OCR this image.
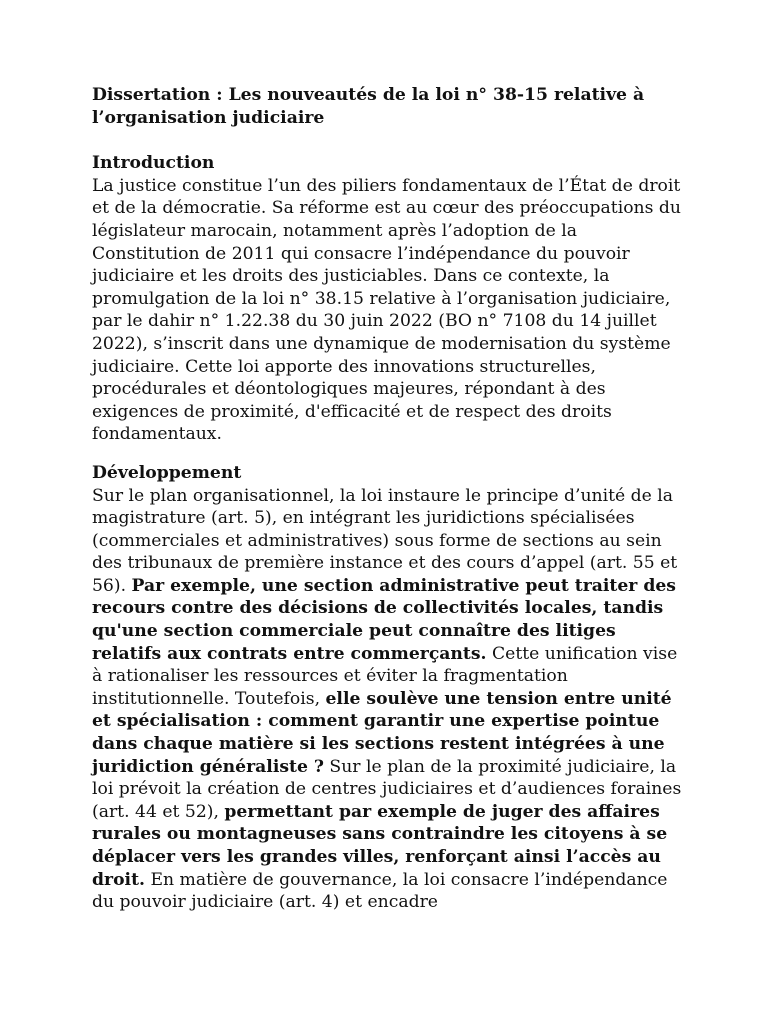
Dissertation : Les nouveautés de la loi n° 38-15 relative à l’organisation judiciaire

Introduction

La justice constitue l’un des piliers fondamentaux de l’État de droit et de la démocratie. Sa réforme est au cœur des préoccupations du législateur marocain, notamment après l’adoption de la Constitution de 2011 qui consacre l’indépendance du pouvoir judiciaire et les droits des justiciables. Dans ce contexte, la promulgation de la loi n° 38.15 relative à l’organisation judiciaire, par le dahir n° 1.22.38 du 30 juin 2022 (BO n° 7108 du 14 juillet 2022), s’inscrit dans une dynamique de modernisation du système judiciaire. Cette loi apporte des innovations structurelles, procédurales et déontologiques majeures, répondant à des exigences de proximité, d'efficacité et de respect des droits fondamentaux.

Développement

Sur le plan organisationnel, la loi instaure le principe d’unité de la magistrature (art. 5), en intégrant les juridictions spécialisées (commerciales et administratives) sous forme de sections au sein des tribunaux de première instance et des cours d’appel (art. 55 et 56). Par exemple, une section administrative peut traiter des recours contre des décisions de collectivités locales, tandis qu'une section commerciale peut connaître des litiges relatifs aux contrats entre commerçants. Cette unification vise à rationaliser les ressources et éviter la fragmentation institutionnelle. Toutefois, elle soulève une tension entre unité et spécialisation : comment garantir une expertise pointue dans chaque matière si les sections restent intégrées à une juridiction généraliste ? Sur le plan de la proximité judiciaire, la loi prévoit la création de centres judiciaires et d’audiences foraines (art. 44 et 52), permettant par exemple de juger des affaires rurales ou montagneuses sans contraindre les citoyens à se déplacer vers les grandes villes, renforçant ainsi l’accès au droit. En matière de gouvernance, la loi consacre l’indépendance du pouvoir judiciaire (art. 4) et encadre
